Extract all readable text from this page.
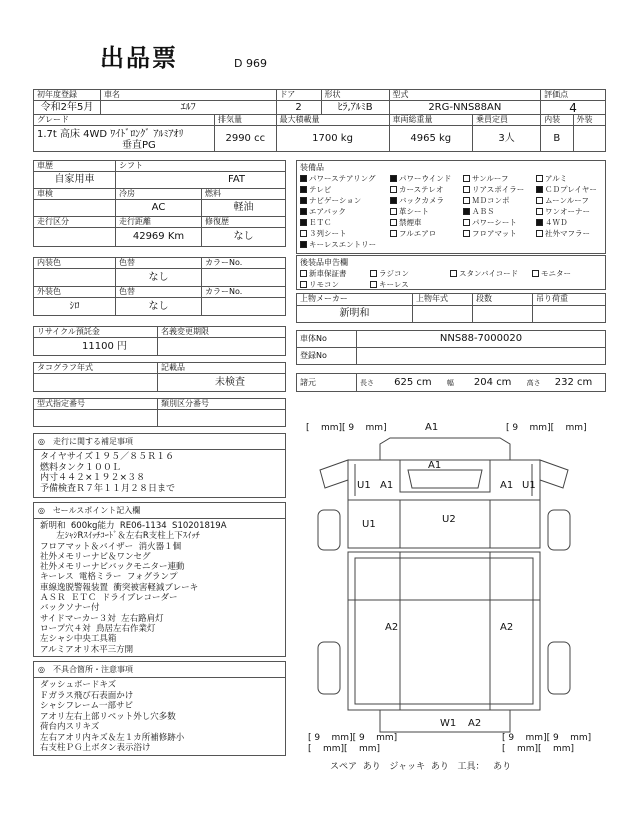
出品票	D 969
初年度登録	車名		ドア	形状	型式		評価点	
令和2年5月	ｴﾙﾌ		2	ﾋﾗ,ｱﾙﾐB	2RG-NNS88AN		4	
グレード		排気量	最大積載量		車両総重量	乗員定員	内装	外装

1.7t 高床 4WD ﾜｲﾄﾞﾛﾝｸﾞ ｱﾙﾐｱｵﾘ
垂直PG		2990 cc	1700 kg		4965 kg	3人	B	
車歴	シフト	
自家用車	FAT	
車検	冷房	燃料
	AC	軽油
走行区分	走行距離	修復歴
	42969 Km	なし
内装色	色替	カラーNo.
	なし	
外装色	色替	カラーNo.
ｼﾛ	なし	
リサイクル預託金	名義変更期限
11100 円	
タコグラフ年式	記載品
	未検査
型式指定番号	類別区分番号

装備品
パワーステアリング	パワーウインド	サンルーフ	アルミ
テレビ	カーステレオ	リアスポイラー	ＣＤプレイヤー
ナビゲーション	バックカメラ	ＭＤコンポ	ムーンルーフ
エアバック	革シート	ＡＢＳ	ワンオーナー
ＥＴＣ	禁煙車	パワーシート	４ＷＤ
３列シート	フルエアロ	フロアマット	社外マフラー
キーレスエントリー
後装品申告欄
新車保証書	ラジコン	スタンバイコード	モニター
リモコン	キーレス
上物メーカー	上物年式	段数	吊り荷重
新明和			
車体No	NNS88-7000020
登録No	
諸元	長さ 625 cm 幅 204 cm 高さ 232 cm
◎　 走行に関する補足事項
タイヤサイズ１９５／８５Ｒ１６
燃料タンク１００Ｌ
内寸４４２×１９２×３８
予備検査Ｒ７年１１月２８日まで
◎　 セールスポイント記入欄
新明和  600kg能力  RE06-1134  S10201819A
左ｼｬｼRｽｲｯﾁｺｰﾄﾞ＆左右R支柱上下ｽｲｯﾁ
フロアマット＆バイザー  消火器１個
社外メモリーナビ＆ワンセグ
社外メモリーナビバックモニター連動
キーレス  電格ミラー  フォグランプ
車線逸脱警報装置  衝突被害軽減ブレーキ
ＡＳＲ  ＥＴＣ  ドライブレコーダー
バックソナー付
サイドマーカー３対  左右路肩灯
ロープ穴４対  鳥居左右作業灯
左シャシ中央工具箱
アルミアオリ木平三方開
◎　 不具合箇所・注意事項
ダッシュボードキズ
Ｆガラス飛び石表面かけ
シャシフレーム一部サビ
アオリ左右上部リベット外し穴多数
荷台内スリキズ
左右アオリ内キズ＆左１カ所補修跡小
右支柱ＰＧ上ボタン表示浴け
[    mm][ 9    mm]	[ 9    mm][    mm]
[ 9    mm][ 9    mm]
[    mm][    mm]
[ 9    mm][ 9    mm]
[    mm][    mm]
A1
A1
U1 A1	A1 U1
U2
U1
A2	A2
W1 A2
スペア あり ジャッキ あり 工具： あり
